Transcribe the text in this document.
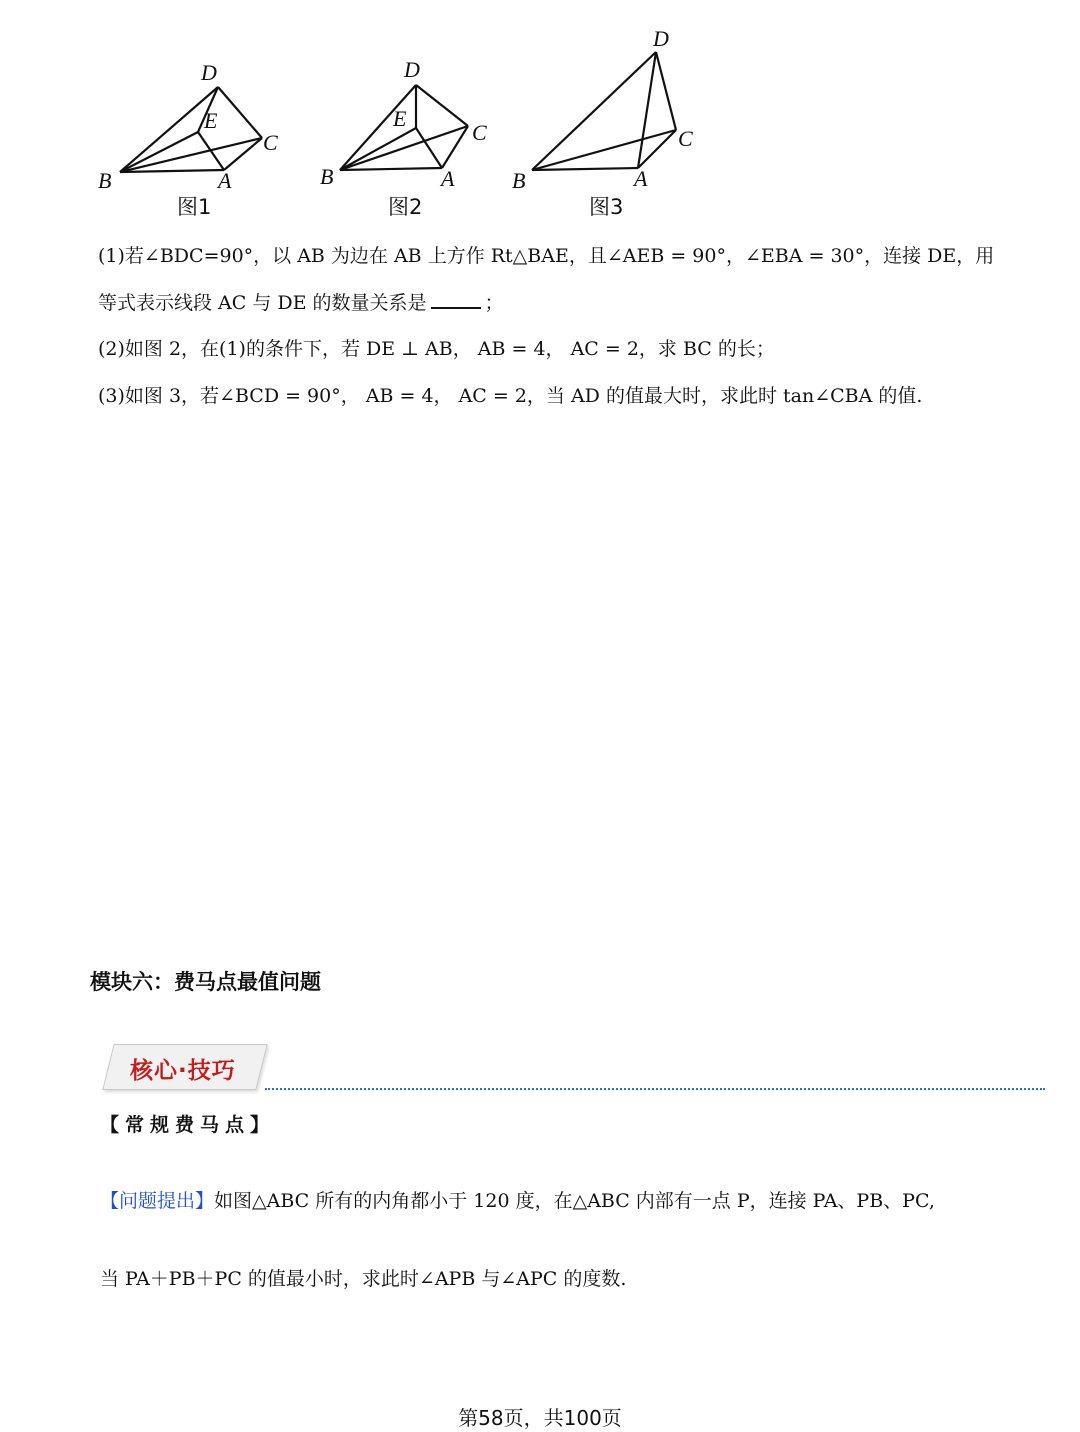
B	A
C
D
E
B	A
C
D
E
B	A
C
D
图1	图2	图3
(1)若∠BDC=90°，以 AB 为边在 AB 上方作 Rt△BAE，且∠AEB = 90°，∠EBA = 30°，连接 DE，用
等式表示线段 AC 与 DE 的数量关系是	；
(2)如图 2，在(1)的条件下，若 DE ⊥ AB， AB = 4， AC = 2，求 BC 的长；
(3)如图 3，若∠BCD = 90°， AB = 4， AC = 2，当 AD 的值最大时，求此时 tan∠CBA 的值.
模块六：费马点最值问题
核心·技巧
【常规费马点】
【问题提出】如图△ABC 所有的内角都小于 120 度，在△ABC 内部有一点 P，连接 PA、PB、PC,
当 PA＋PB＋PC 的值最小时，求此时∠APB 与∠APC 的度数.
第58页，共100页
